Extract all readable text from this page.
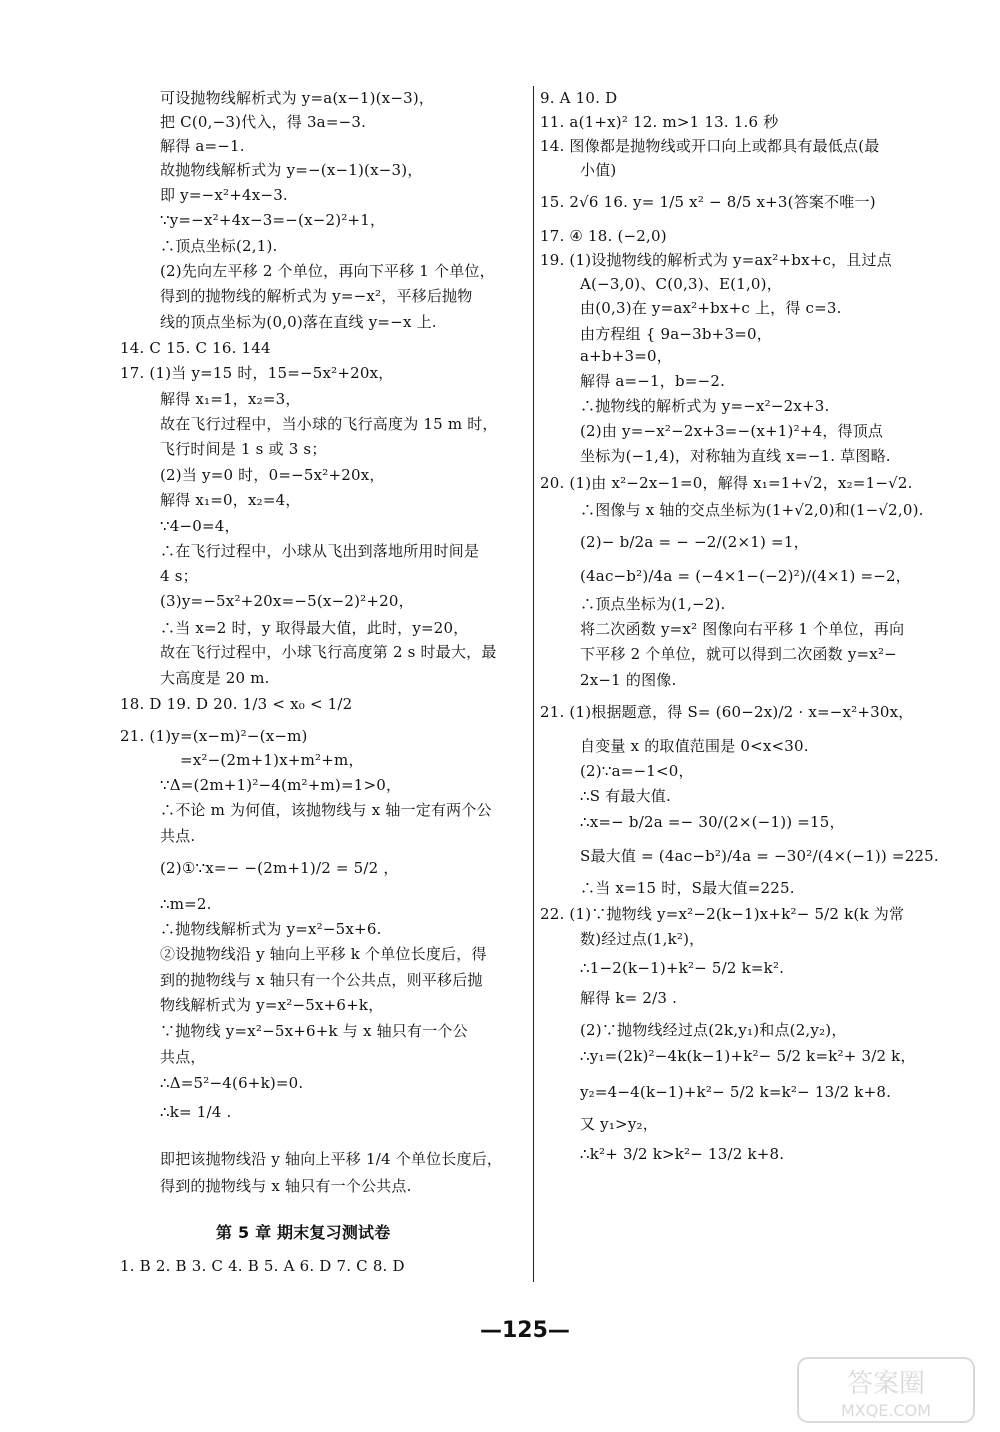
可设抛物线解析式为 y=a(x−1)(x−3)，
把 C(0,−3)代入，得 3a=−3.
解得 a=−1.
故抛物线解析式为 y=−(x−1)(x−3)，
即 y=−x²+4x−3.
∵y=−x²+4x−3=−(x−2)²+1，
∴顶点坐标(2,1).
(2)先向左平移 2 个单位，再向下平移 1 个单位，
得到的抛物线的解析式为 y=−x²，平移后抛物
线的顶点坐标为(0,0)落在直线 y=−x 上.
14. C 15. C 16. 144
17. (1)当 y=15 时，15=−5x²+20x，
解得 x₁=1，x₂=3，
故在飞行过程中，当小球的飞行高度为 15 m 时，
飞行时间是 1 s 或 3 s；
(2)当 y=0 时，0=−5x²+20x，
解得 x₁=0，x₂=4，
∵4−0=4，
∴在飞行过程中，小球从飞出到落地所用时间是
4 s；
(3)y=−5x²+20x=−5(x−2)²+20，
∴当 x=2 时，y 取得最大值，此时，y=20，
故在飞行过程中，小球飞行高度第 2 s 时最大，最
大高度是 20 m.
18. D 19. D 20. 1/3 < x₀ < 1/2
21. (1)y=(x−m)²−(x−m)
=x²−(2m+1)x+m²+m，
∵Δ=(2m+1)²−4(m²+m)=1>0，
∴不论 m 为何值，该抛物线与 x 轴一定有两个公
共点.
(2)①∵x=− −(2m+1)/2 = 5/2 ，
∴m=2.
∴抛物线解析式为 y=x²−5x+6.
②设抛物线沿 y 轴向上平移 k 个单位长度后，得
到的抛物线与 x 轴只有一个公共点，则平移后抛
物线解析式为 y=x²−5x+6+k，
∵抛物线 y=x²−5x+6+k 与 x 轴只有一个公
共点，
∴Δ=5²−4(6+k)=0.
∴k= 1/4 .
即把该抛物线沿 y 轴向上平移 1/4 个单位长度后，
得到的抛物线与 x 轴只有一个公共点.
第 5 章 期末复习测试卷
1. B 2. B 3. C 4. B 5. A 6. D 7. C 8. D
9. A 10. D
11. a(1+x)² 12. m>1 13. 1.6 秒
14. 图像都是抛物线或开口向上或都具有最低点(最
小值)
15. 2√6 16. y= 1/5 x² − 8/5 x+3(答案不唯一)
17. ④ 18. (−2,0)
19. (1)设抛物线的解析式为 y=ax²+bx+c，且过点
A(−3,0)、C(0,3)、E(1,0)，
由(0,3)在 y=ax²+bx+c 上，得 c=3.
由方程组 { 9a−3b+3=0，
a+b+3=0，
解得 a=−1，b=−2.
∴抛物线的解析式为 y=−x²−2x+3.
(2)由 y=−x²−2x+3=−(x+1)²+4，得顶点
坐标为(−1,4)，对称轴为直线 x=−1. 草图略.
20. (1)由 x²−2x−1=0，解得 x₁=1+√2，x₂=1−√2.
∴图像与 x 轴的交点坐标为(1+√2,0)和(1−√2,0).
(2)− b/2a = − −2/(2×1) =1，
(4ac−b²)/4a = (−4×1−(−2)²)/(4×1) =−2，
∴顶点坐标为(1,−2).
将二次函数 y=x² 图像向右平移 1 个单位，再向
下平移 2 个单位，就可以得到二次函数 y=x²−
2x−1 的图像.
21. (1)根据题意，得 S= (60−2x)/2 · x=−x²+30x，
自变量 x 的取值范围是 0<x<30.
(2)∵a=−1<0，
∴S 有最大值.
∴x=− b/2a =− 30/(2×(−1)) =15，
S最大值 = (4ac−b²)/4a = −30²/(4×(−1)) =225.
∴当 x=15 时，S最大值=225.
22. (1)∵抛物线 y=x²−2(k−1)x+k²− 5/2 k(k 为常
数)经过点(1,k²)，
∴1−2(k−1)+k²− 5/2 k=k².
解得 k= 2/3 .
(2)∵抛物线经过点(2k,y₁)和点(2,y₂)，
∴y₁=(2k)²−4k(k−1)+k²− 5/2 k=k²+ 3/2 k，
y₂=4−4(k−1)+k²− 5/2 k=k²− 13/2 k+8.
又 y₁>y₂，
∴k²+ 3/2 k>k²− 13/2 k+8.
—125—
答案圈
MXQE.COM
